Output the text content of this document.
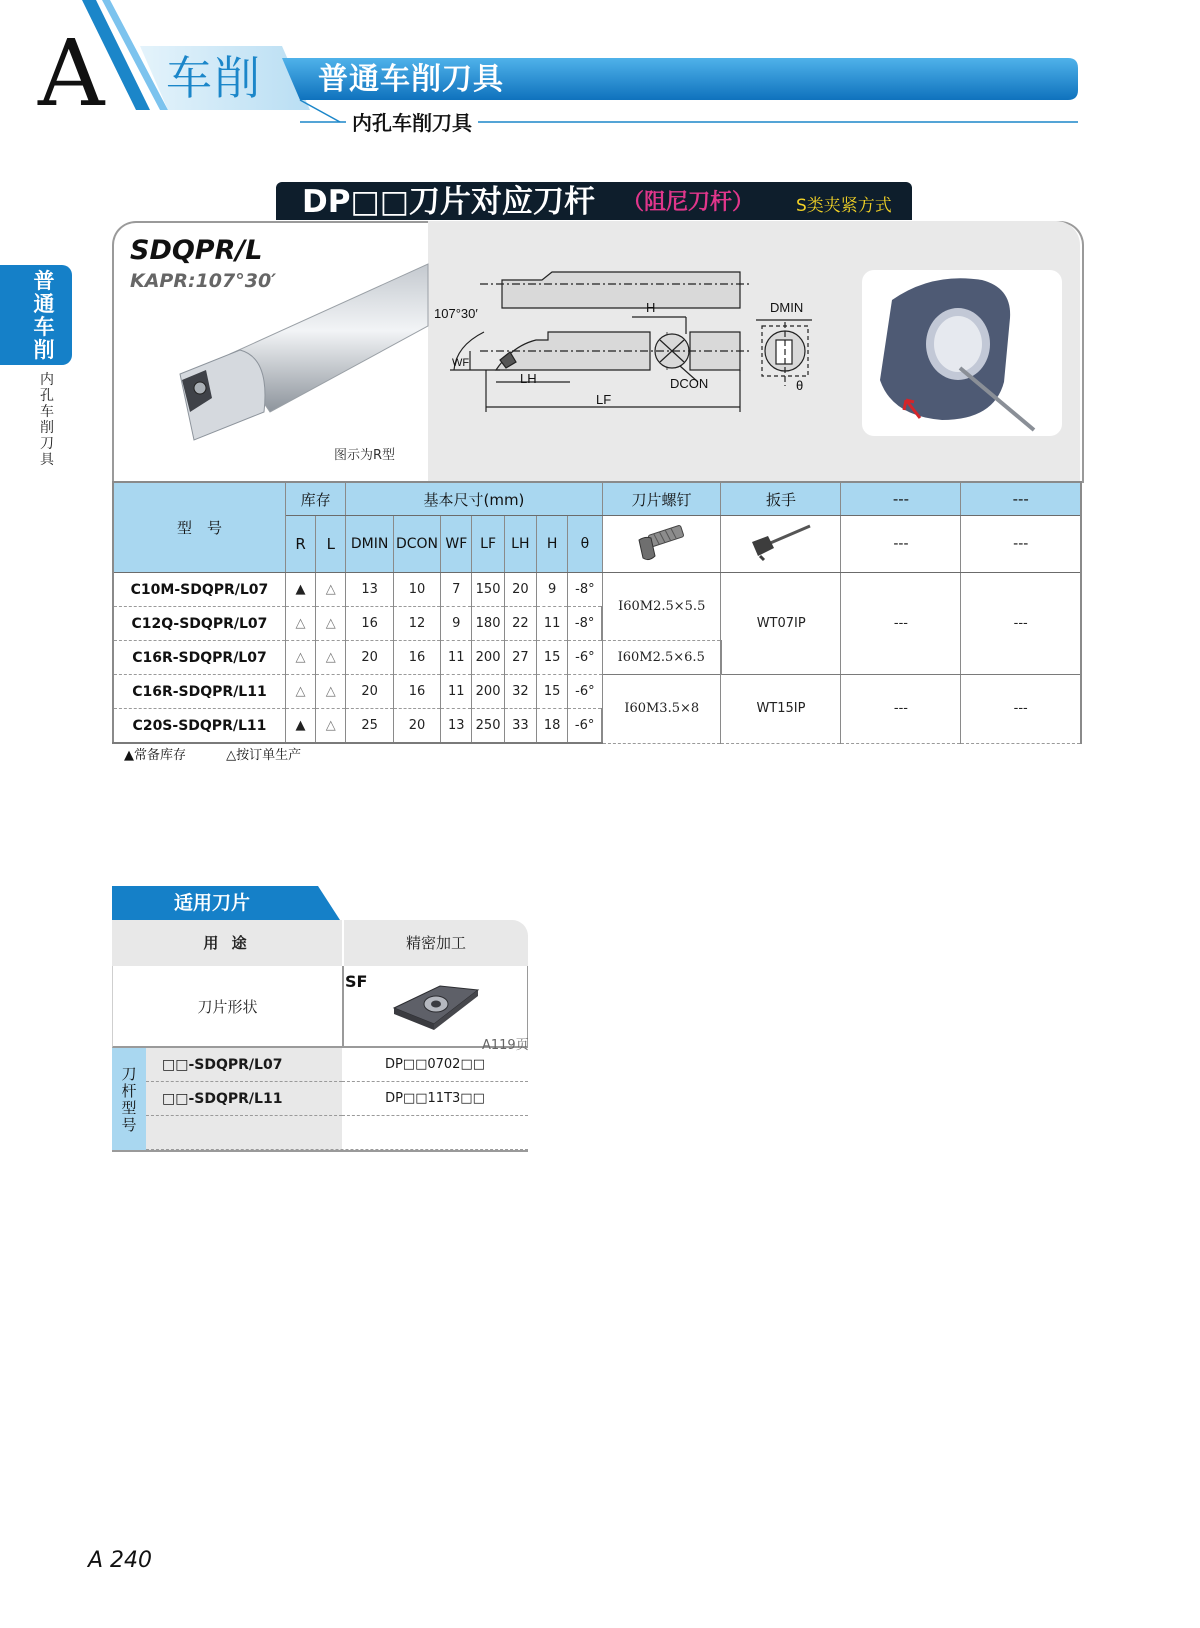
A 车削 普通车削刀具
内孔车削刀具
普通车削
内孔车削刀具
DP□□刀片对应刀杆 （阻尼刀杆） S类夹紧方式
SDQPR/L
KAPR:107°30′
图示为R型
107°30′	H	DMIN
WF
LH	DCON
LF
θ
型　号	库存		基本尺寸(mm)							刀片螺钉	扳手	---	---
	R	L	DMIN	DCON	WF	LF	LH	H	θ			---	---
C10M-SDQPR/L07	▲	△	13	10	7	150	20	9	-8°	I60M2.5×5.5	WT07IP	---	---
C12Q-SDQPR/L07	△	△	16	12	9	180	22	11	-8°				
C16R-SDQPR/L07	△	△	20	16	11	200	27	15	-6°	I60M2.5×6.5			
C16R-SDQPR/L11	△	△	20	16	11	200	32	15	-6°	I60M3.5×8	WT15IP	---	---
C20S-SDQPR/L11	▲	△	25	20	13	250	33	18	-6°				
▲常备库存	△按订单生产
适用刀片
用 途	精密加工
刀片形状
SF
A119页
刀杆型号
□□-SDQPR/L07	DP□□0702□□
□□-SDQPR/L11	DP□□11T3□□
A 240
